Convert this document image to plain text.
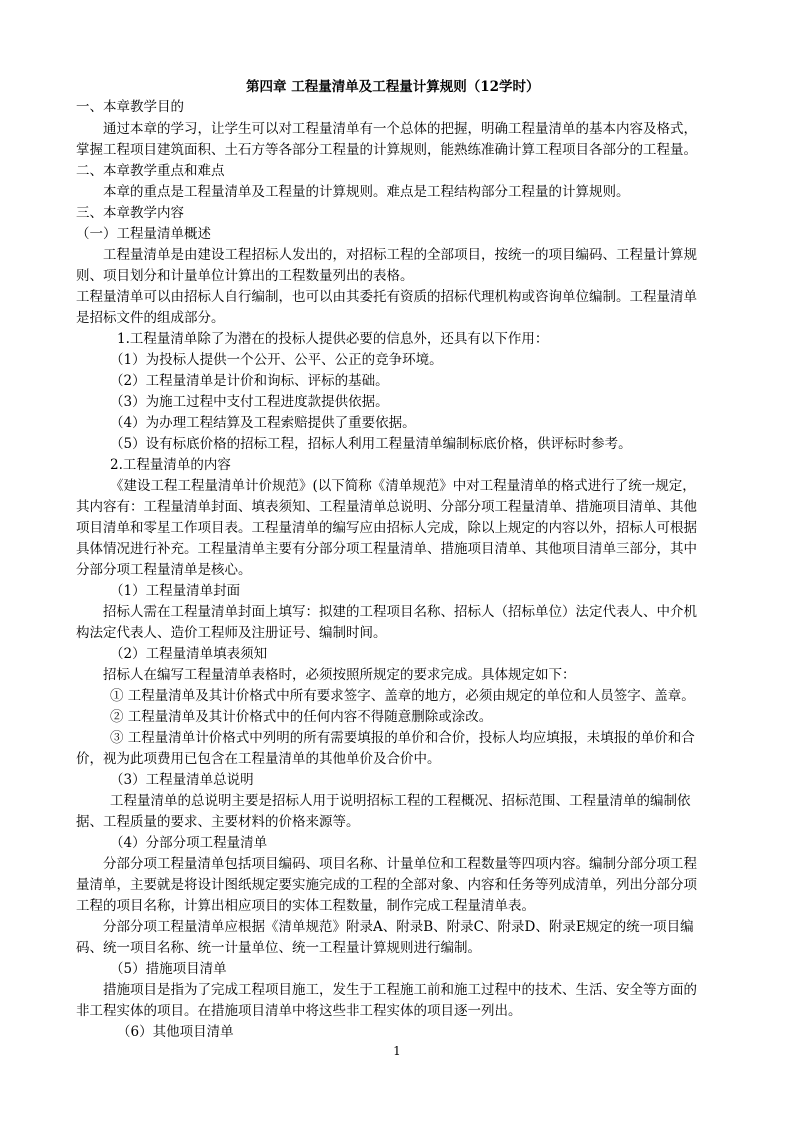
第四章 工程量清单及工程量计算规则（12学时）
一、本章教学目的
通过本章的学习，让学生可以对工程量清单有一个总体的把握，明确工程量清单的基本内容及格式，
掌握工程项目建筑面积、土石方等各部分工程量的计算规则，能熟练准确计算工程项目各部分的工程量。
二、本章教学重点和难点
本章的重点是工程量清单及工程量的计算规则。难点是工程结构部分工程量的计算规则。
三、本章教学内容
（一）工程量清单概述
工程量清单是由建设工程招标人发出的，对招标工程的全部项目，按统一的项目编码、工程量计算规
则、项目划分和计量单位计算出的工程数量列出的表格。
工程量清单可以由招标人自行编制，也可以由其委托有资质的招标代理机构或咨询单位编制。工程量清单
是招标文件的组成部分。
1.工程量清单除了为潜在的投标人提供必要的信息外，还具有以下作用：
（1）为投标人提供一个公开、公平、公正的竞争环境。
（2）工程量清单是计价和询标、评标的基础。
（3）为施工过程中支付工程进度款提供依据。
（4）为办理工程结算及工程索赔提供了重要依据。
（5）设有标底价格的招标工程，招标人利用工程量清单编制标底价格，供评标时参考。
2.工程量清单的内容
《建设工程工程量清单计价规范》(以下简称《清单规范》中对工程量清单的格式进行了统一规定，
其内容有：工程量清单封面、填表须知、工程量清单总说明、分部分项工程量清单、措施项目清单、其他
项目清单和零星工作项目表。工程量清单的编写应由招标人完成，除以上规定的内容以外，招标人可根据
具体情况进行补充。工程量清单主要有分部分项工程量清单、措施项目清单、其他项目清单三部分，其中
分部分项工程量清单是核心。
（1）工程量清单封面
招标人需在工程量清单封面上填写：拟建的工程项目名称、招标人（招标单位）法定代表人、中介机
构法定代表人、造价工程师及注册证号、编制时间。
（2）工程量清单填表须知
招标人在编写工程量清单表格时，必须按照所规定的要求完成。具体规定如下：
① 工程量清单及其计价格式中所有要求签字、盖章的地方，必须由规定的单位和人员签字、盖章。
② 工程量清单及其计价格式中的任何内容不得随意删除或涂改。
③ 工程量清单计价格式中列明的所有需要填报的单价和合价，投标人均应填报，未填报的单价和合
价，视为此项费用已包含在工程量清单的其他单价及合价中。
（3）工程量清单总说明
工程量清单的总说明主要是招标人用于说明招标工程的工程概况、招标范围、工程量清单的编制依
据、工程质量的要求、主要材料的价格来源等。
（4）分部分项工程量清单
分部分项工程量清单包括项目编码、项目名称、计量单位和工程数量等四项内容。编制分部分项工程
量清单，主要就是将设计图纸规定要实施完成的工程的全部对象、内容和任务等列成清单，列出分部分项
工程的项目名称，计算出相应项目的实体工程数量，制作完成工程量清单表。
分部分项工程量清单应根据《清单规范》附录A、附录B、附录C、附录D、附录E规定的统一项目编
码、统一项目名称、统一计量单位、统一工程量计算规则进行编制。
（5）措施项目清单
措施项目是指为了完成工程项目施工，发生于工程施工前和施工过程中的技术、生活、安全等方面的
非工程实体的项目。在措施项目清单中将这些非工程实体的项目逐一列出。
（6）其他项目清单
1
